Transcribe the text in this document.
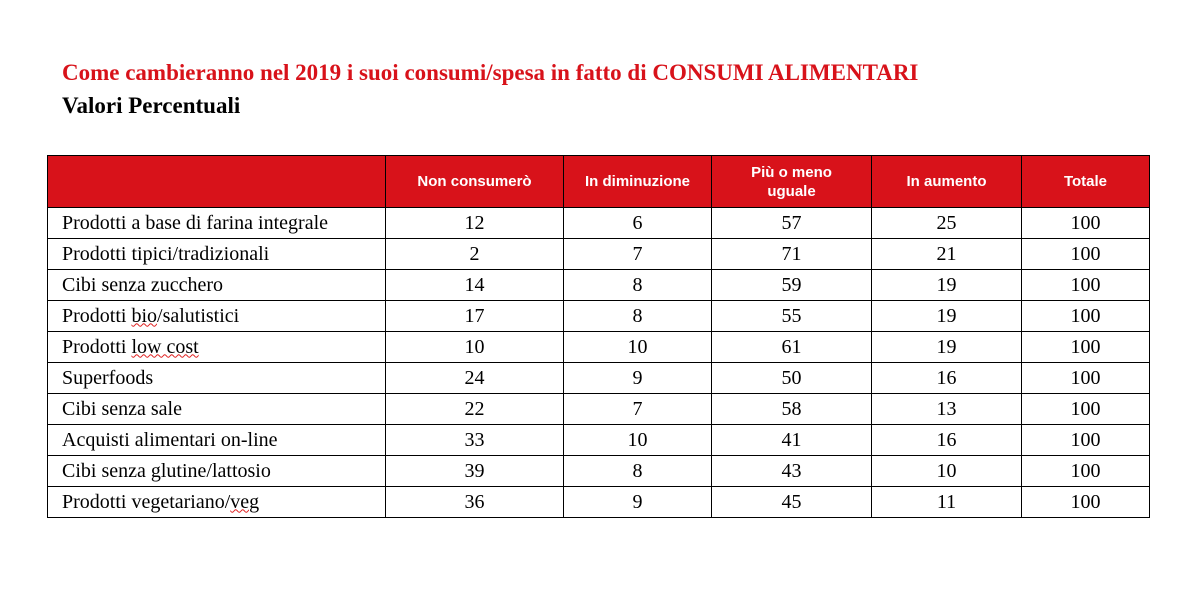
Come cambieranno nel 2019 i suoi consumi/spesa in fatto di CONSUMI ALIMENTARI
Valori Percentuali
	Non consumerò	In diminuzione	Più o meno uguale	In aumento	Totale
Prodotti a base di farina integrale	12	6	57	25	100
Prodotti tipici/tradizionali	2	7	71	21	100
Cibi senza zucchero	14	8	59	19	100
Prodotti bio/salutistici	17	8	55	19	100
Prodotti low cost	10	10	61	19	100
Superfoods	24	9	50	16	100
Cibi senza sale	22	7	58	13	100
Acquisti alimentari on-line	33	10	41	16	100
Cibi senza glutine/lattosio	39	8	43	10	100
Prodotti vegetariano/veg	36	9	45	11	100
